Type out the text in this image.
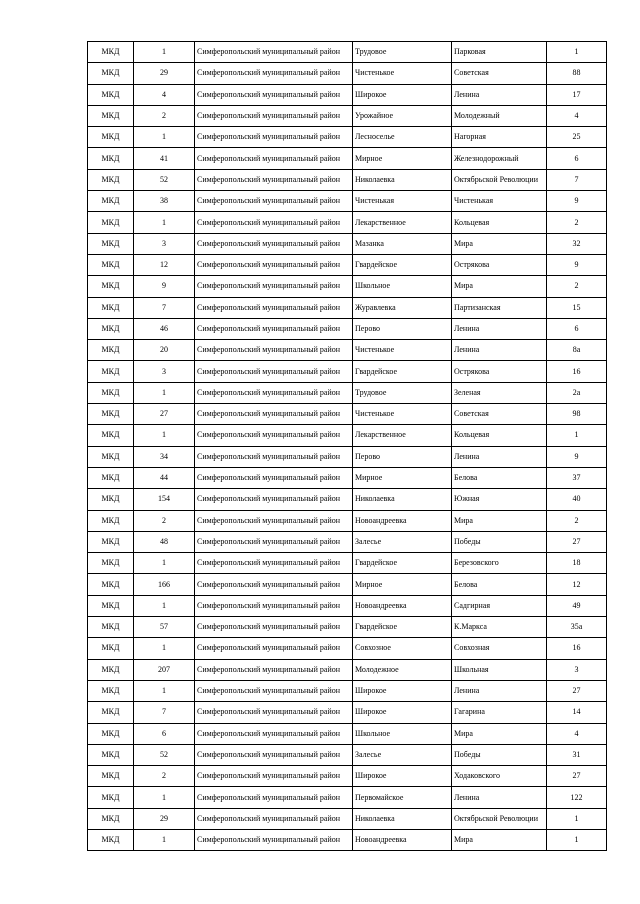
МКД	1	Симферопольский муниципальный район	Трудовое	Парковая	1
МКД	29	Симферопольский муниципальный район	Чистенькое	Советская	88
МКД	4	Симферопольский муниципальный район	Широкое	Ленина	17
МКД	2	Симферопольский муниципальный район	Урожайное	Молодежный	4
МКД	1	Симферопольский муниципальный район	Лесноселье	Нагорная	25
МКД	41	Симферопольский муниципальный район	Мирное	Железнодорожный	6
МКД	52	Симферопольский муниципальный район	Николаевка	Октябрьской Революции	7
МКД	38	Симферопольский муниципальный район	Чистенькая	Чистенькая	9
МКД	1	Симферопольский муниципальный район	Лекарственное	Кольцевая	2
МКД	3	Симферопольский муниципальный район	Мазанка	Мира	32
МКД	12	Симферопольский муниципальный район	Гвардейское	Острякова	9
МКД	9	Симферопольский муниципальный район	Школьное	Мира	2
МКД	7	Симферопольский муниципальный район	Журавлевка	Партизанская	15
МКД	46	Симферопольский муниципальный район	Перово	Ленина	6
МКД	20	Симферопольский муниципальный район	Чистенькое	Ленина	8а
МКД	3	Симферопольский муниципальный район	Гвардейское	Острякова	16
МКД	1	Симферопольский муниципальный район	Трудовое	Зеленая	2а
МКД	27	Симферопольский муниципальный район	Чистенькое	Советская	98
МКД	1	Симферопольский муниципальный район	Лекарственное	Кольцевая	1
МКД	34	Симферопольский муниципальный район	Перово	Ленина	9
МКД	44	Симферопольский муниципальный район	Мирное	Белова	37
МКД	154	Симферопольский муниципальный район	Николаевка	Южная	40
МКД	2	Симферопольский муниципальный район	Новоандреевка	Мира	2
МКД	48	Симферопольский муниципальный район	Залесье	Победы	27
МКД	1	Симферопольский муниципальный район	Гвардейское	Березовского	18
МКД	166	Симферопольский муниципальный район	Мирное	Белова	12
МКД	1	Симферопольский муниципальный район	Новоандреевка	Садгирная	49
МКД	57	Симферопольский муниципальный район	Гвардейское	К.Маркса	35а
МКД	1	Симферопольский муниципальный район	Совхозное	Совхозная	16
МКД	207	Симферопольский муниципальный район	Молодежное	Школьная	3
МКД	1	Симферопольский муниципальный район	Широкое	Ленина	27
МКД	7	Симферопольский муниципальный район	Широкое	Гагарина	14
МКД	6	Симферопольский муниципальный район	Школьное	Мира	4
МКД	52	Симферопольский муниципальный район	Залесье	Победы	31
МКД	2	Симферопольский муниципальный район	Широкое	Ходаковского	27
МКД	1	Симферопольский муниципальный район	Первомайское	Ленина	122
МКД	29	Симферопольский муниципальный район	Николаевка	Октябрьской Революции	1
МКД	1	Симферопольский муниципальный район	Новоандреевка	Мира	1
